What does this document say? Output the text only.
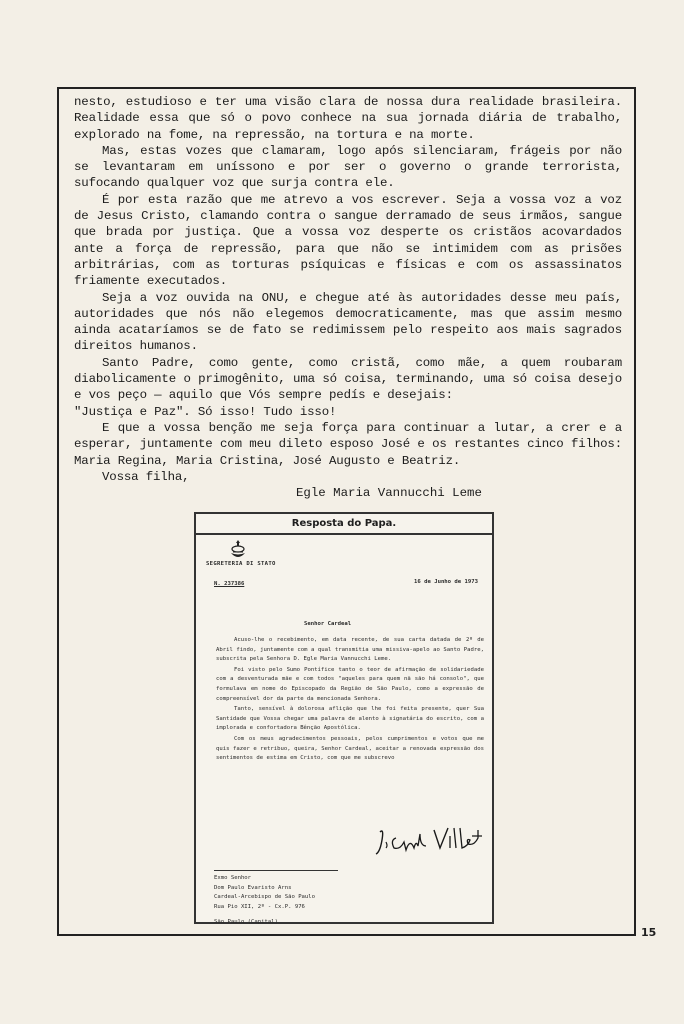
nesto, estudioso e ter uma visão clara de nossa dura realidade brasileira. Realidade essa que só o povo conhece na sua jornada diária de trabalho, explorado na fome, na repressão, na tortura e na morte.

Mas, estas vozes que clamaram, logo após silenciaram, frágeis por não se levantaram em uníssono e por ser o governo o grande terrorista, sufocando qualquer voz que surja contra ele.

É por esta razão que me atrevo a vos escrever. Seja a vossa voz a voz de Jesus Cristo, clamando contra o sangue derramado de seus irmãos, sangue que brada por justiça. Que a vossa voz desperte os cristãos acovardados ante a força de repressão, para que não se intimidem com as prisões arbitrárias, com as torturas psíquicas e físicas e com os assassinatos friamente executados.

Seja a voz ouvida na ONU, e chegue até às autoridades desse meu país, autoridades que nós não elegemos democraticamente, mas que assim mesmo ainda acataríamos se de fato se redimissem pelo respeito aos mais sagrados direitos humanos.

Santo Padre, como gente, como cristã, como mãe, a quem roubaram diabolicamente o primogênito, uma só coisa, terminando, uma só coisa desejo e vos peço — aquilo que Vós sempre pedís e desejais:

"Justiça e Paz". Só isso! Tudo isso!

E que a vossa benção me seja força para continuar a lutar, a crer e a esperar, juntamente com meu dileto esposo José e os restantes cinco filhos: Maria Regina, Maria Cristina, José Augusto e Beatriz.

Vossa filha,

Egle Maria Vannucchi Leme
Resposta do Papa.
SEGRETERIA DI STATO
N. 237386	16 de Junho de 1973
Senhor Cardeal

Acuso-lhe o recebimento, em data recente, de sua carta datada de 2º de Abril findo, juntamente com a qual transmitia uma missiva-apelo ao Santo Padre, subscrita pela Senhora D. Egle Maria Vannucchi Leme.

Foi visto pelo Sumo Pontífice tanto o teor de afirmação de solidariedade com a desventurada mãe e com todos "aqueles para quem nã são há consolo", que formulava em nome do Episcopado da Região de São Paulo, como a expressão de compreensível dor da parte da mencionada Senhora.

Tanto, sensível à dolorosa aflição que lhe foi feita presente, quer Sua Santidade que Vossa chegar uma palavra de alento à signatária do escrito, com a implorada e confortadora Bênção Apostólica.

Com os meus agradecimentos pessoais, pelos cumprimentos e votos que me quis fazer e retribuo, queira, Senhor Cardeal, aceitar a renovada expressão dos sentimentos de estima em Cristo, com que me subscrevo

Exmo Senhor
Dom Paulo Evaristo Arns
Cardeal-Arcebispo de São Paulo
Rua Pio XII, 2º - Cx.P. 976
São Paulo (Capital)
15
